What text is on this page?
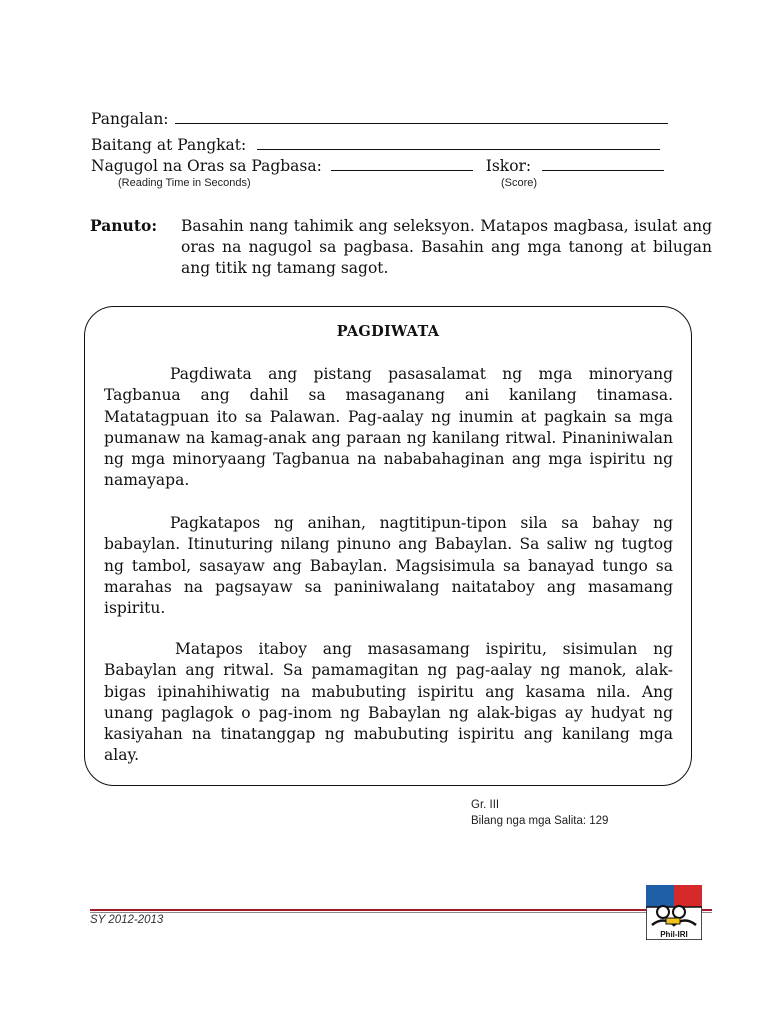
Pangalan:
Baitang at Pangkat:
Nagugol na Oras sa Pagbasa:	Iskor:
(Reading Time in Seconds)	(Score)
Panuto: Basahin nang tahimik ang seleksyon. Matapos magbasa, isulat ang oras na nagugol sa pagbasa. Basahin ang mga tanong at bilugan ang titik ng tamang sagot.
PAGDIWATA
Pagdiwata ang pistang pasasalamat ng mga minoryang Tagbanua ang dahil sa masaganang ani kanilang tinamasa. Matatagpuan ito sa Palawan. Pag-aalay ng inumin at pagkain sa mga pumanaw na kamag-anak ang paraan ng kanilang ritwal. Pinaniniwalan ng mga minoryaang Tagbanua na nababahaginan ang mga ispiritu ng namayapa.
Pagkatapos ng anihan, nagtitipun-tipon sila sa bahay ng babaylan. Itinuturing nilang pinuno ang Babaylan. Sa saliw ng tugtog ng tambol, sasayaw ang Babaylan. Magsisimula sa banayad tungo sa marahas na pagsayaw sa paniniwalang naitataboy ang masamang ispiritu.
Matapos itaboy ang masasamang ispiritu, sisimulan ng Babaylan ang ritwal. Sa pamamagitan ng pag-aalay ng manok, alak-bigas ipinahihiwatig na mabubuting ispiritu ang kasama nila. Ang unang paglagok o pag-inom ng Babaylan ng alak-bigas ay hudyat ng kasiyahan na tinatanggap ng mabubuting ispiritu ang kanilang mga alay.
Gr. III
Bilang nga mga Salita: 129
SY 2012-2013
Phil-IRI
